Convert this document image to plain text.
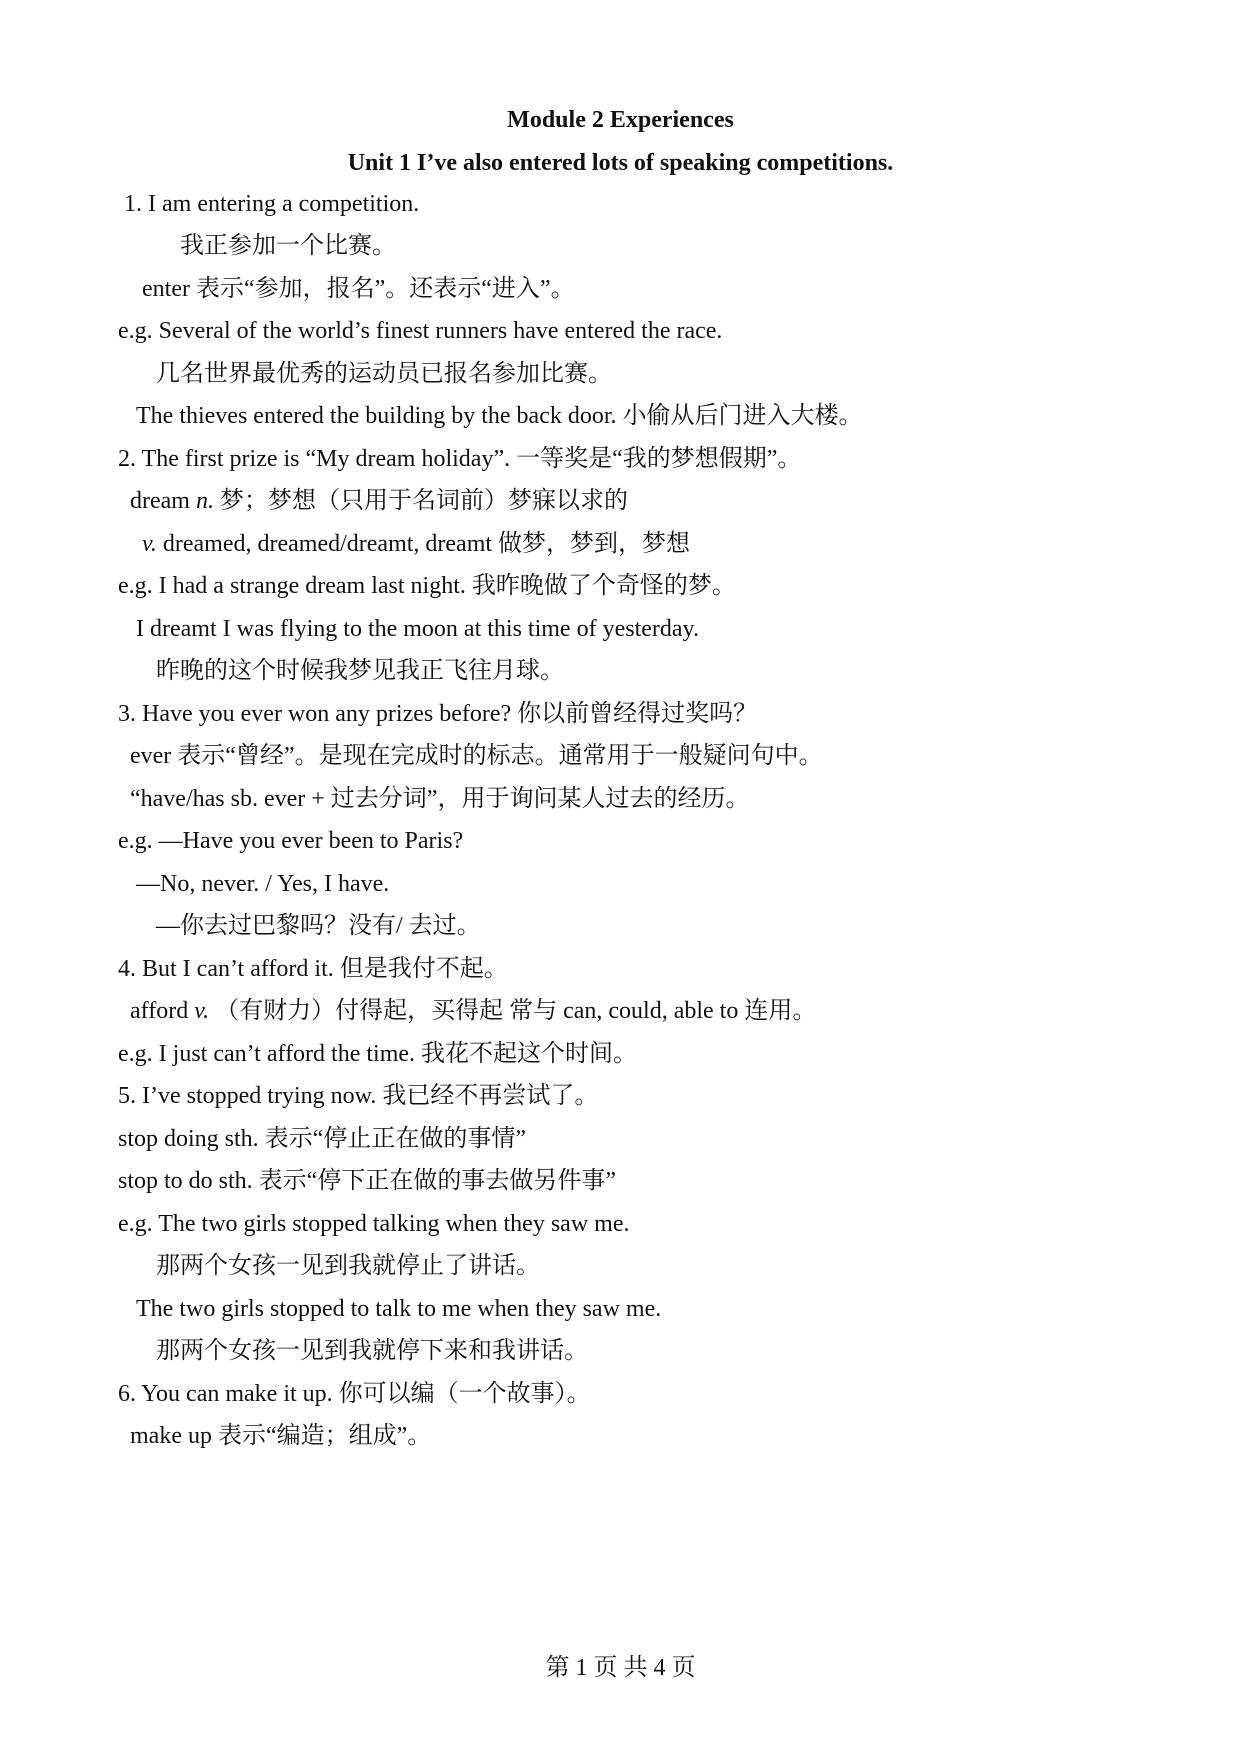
Module 2 Experiences
Unit 1 I’ve also entered lots of speaking competitions.
1. I am entering a competition.
我正参加一个比赛。
enter 表示“参加，报名”。还表示“进入”。
e.g. Several of the world’s finest runners have entered the race.
几名世界最优秀的运动员已报名参加比赛。
The thieves entered the building by the back door. 小偷从后门进入大楼。
2. The first prize is “My dream holiday”. 一等奖是“我的梦想假期”。
dream n. 梦；梦想（只用于名词前）梦寐以求的
v. dreamed, dreamed/dreamt, dreamt 做梦，梦到，梦想
e.g. I had a strange dream last night. 我昨晚做了个奇怪的梦。
I dreamt I was flying to the moon at this time of yesterday.
昨晚的这个时候我梦见我正飞往月球。
3. Have you ever won any prizes before? 你以前曾经得过奖吗？
ever 表示“曾经”。是现在完成时的标志。通常用于一般疑问句中。
“have/has sb. ever + 过去分词”，用于询问某人过去的经历。
e.g. —Have you ever been to Paris?
—No, never. / Yes, I have.
—你去过巴黎吗？没有/ 去过。
4. But I can’t afford it. 但是我付不起。
afford v. （有财力）付得起，买得起 常与 can, could, able to 连用。
e.g. I just can’t afford the time. 我花不起这个时间。
5. I’ve stopped trying now. 我已经不再尝试了。
stop doing sth. 表示“停止正在做的事情”
stop to do sth. 表示“停下正在做的事去做另件事”
e.g. The two girls stopped talking when they saw me.
那两个女孩一见到我就停止了讲话。
The two girls stopped to talk to me when they saw me.
那两个女孩一见到我就停下来和我讲话。
6. You can make it up. 你可以编（一个故事）。
make up 表示“编造；组成”。
第 1 页 共 4 页
